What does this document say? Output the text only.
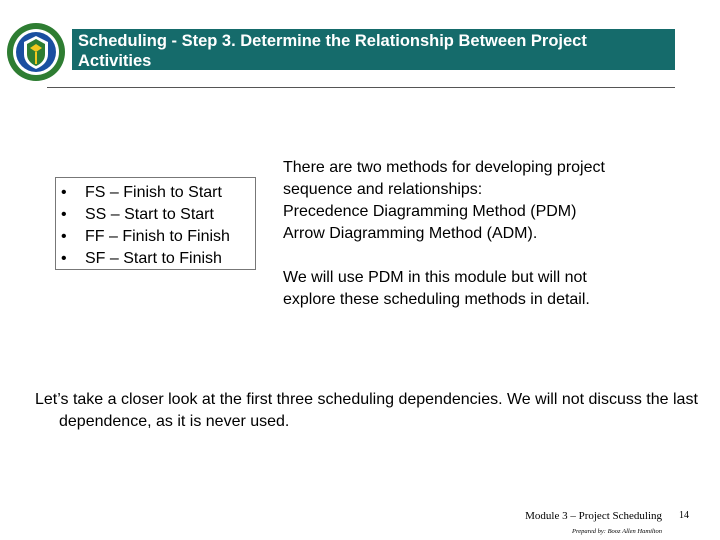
Scheduling - Step 3. Determine the Relationship Between Project
Activities
• FS – Finish to Start
• SS – Start to Start
• FF – Finish to Finish
• SF – Start to Finish

There are two methods for developing project

sequence and relationships:

Precedence Diagramming Method (PDM)

Arrow Diagramming Method (ADM).

We will use PDM in this module but will not

explore these scheduling methods in detail.

Let’s take a closer look at the first three scheduling dependencies. We will not discuss the last dependence, as it is never used.
Module 3 – Project Scheduling
Prepared by: Booz Allen Hamilton
14
